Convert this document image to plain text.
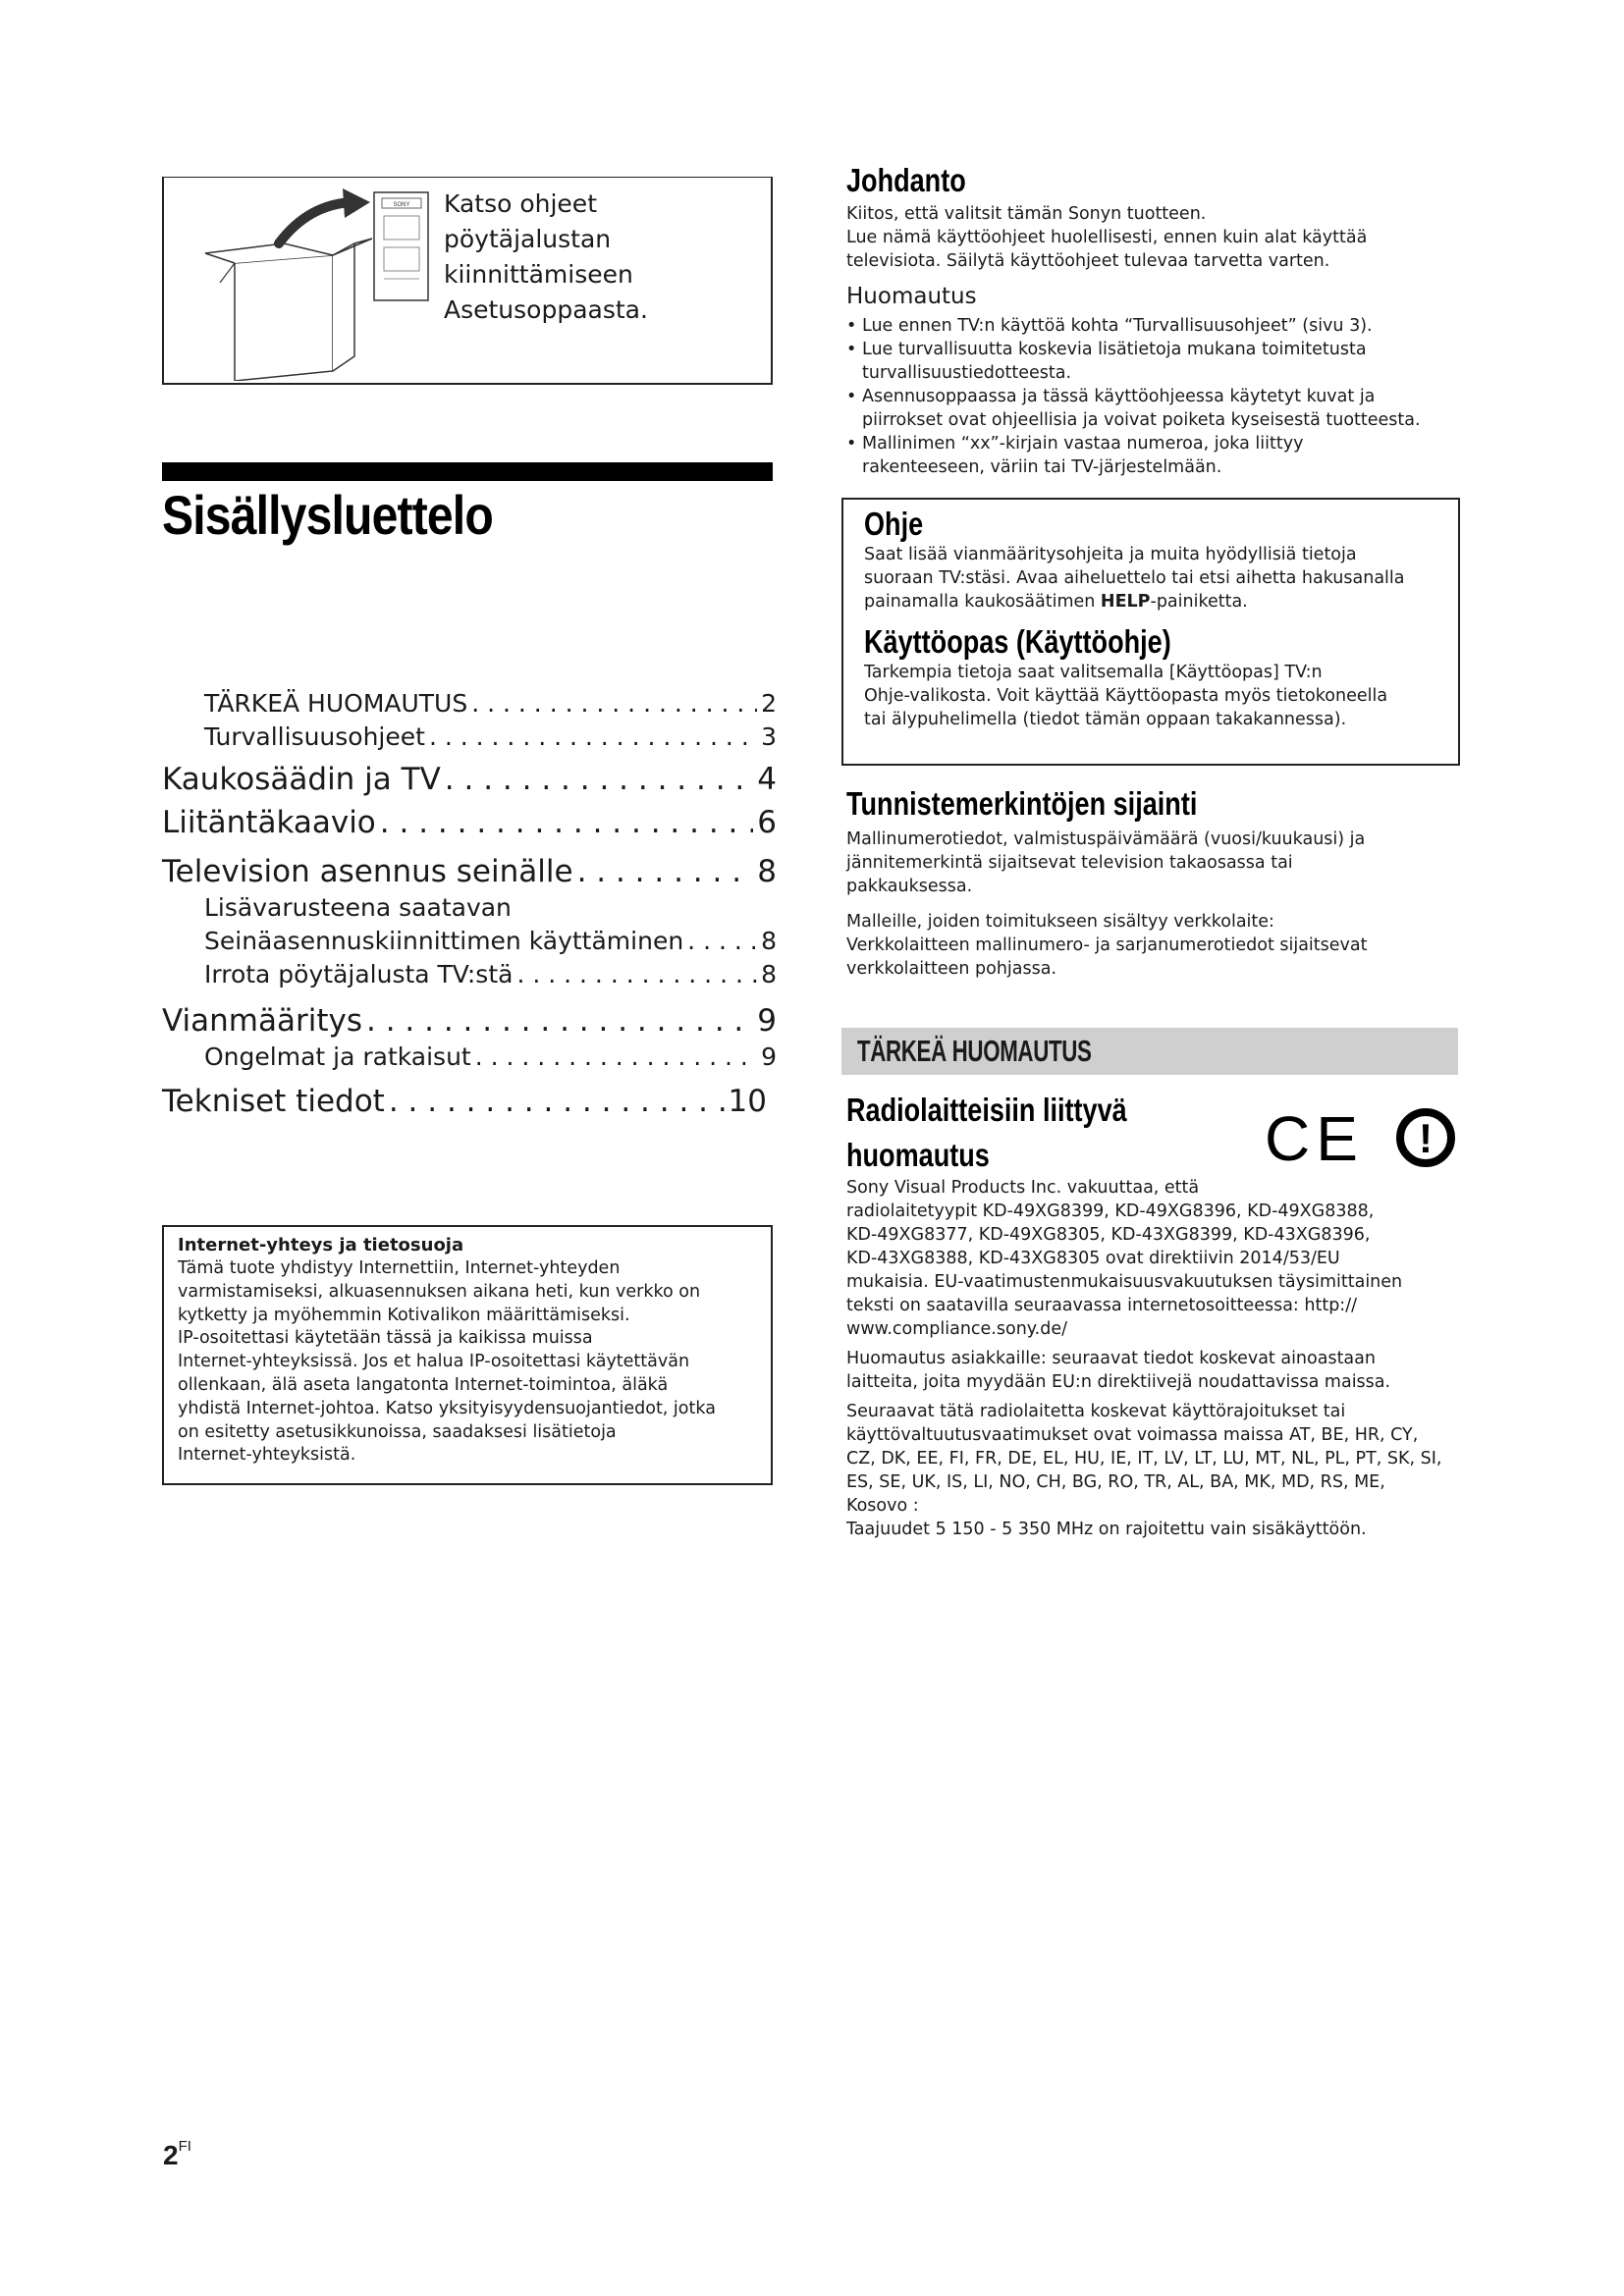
SONY Katso ohjeet pöytäjalustan
kiinnittämiseen
Asetusoppaasta.
Sisällysluettelo
TÄRKEÄ HUOMAUTUS . . .	2
Turvallisuusohjeet . . .	3
Kaukosäädin ja TV . . .	4
Liitäntäkaavio . . .	6
Television asennus seinälle . . .	8
Lisävarusteena saatavan
Seinäasennuskiinnittimen käyttäminen . . .	8
Irrota pöytäjalusta TV:stä . . .	8
Vianmääritys . . .	9
Ongelmat ja ratkaisut . . .	9
Tekniset tiedot . . .	10
Internet-yhteys ja tietosuoja
Tämä tuote yhdistyy Internettiin, Internet-yhteyden
varmistamiseksi, alkuasennuksen aikana heti, kun verkko on
kytketty ja myöhemmin Kotivalikon määrittämiseksi.
IP-osoitettasi käytetään tässä ja kaikissa muissa
Internet-yhteyksissä. Jos et halua IP-osoitettasi käytettävän
ollenkaan, älä aseta langatonta Internet-toimintoa, äläkä
yhdistä Internet-johtoa. Katso yksityisyydensuojantiedot, jotka
on esitetty asetusikkunoissa, saadaksesi lisätietoja
Internet-yhteyksistä.
$2^{FI}$
Johdanto
Kiitos, että valitsit tämän Sonyn tuotteen.
Lue nämä käyttöohjeet huolellisesti, ennen kuin alat käyttää
televisiota. Säilytä käyttöohjeet tulevaa tarvetta varten.
Huomautus
• Lue ennen TV:n käyttöä kohta “Turvallisuusohjeet” (sivu 3).
• Lue turvallisuutta koskevia lisätietoja mukana toimitetusta
turvallisuustiedotteesta.
• Asennusoppaassa ja tässä käyttöohjeessa käytetyt kuvat ja
piirrokset ovat ohjeellisia ja voivat poiketa kyseisestä tuotteesta.
• Mallinimen “xx”-kirjain vastaa numeroa, joka liittyy
rakenteeseen, väriin tai TV-järjestelmään.
Ohje
Saat lisää vianmääritysohjeita ja muita hyödyllisiä tietoja
suoraan TV:stäsi. Avaa aiheluettelo tai etsi aihetta hakusanalla
painamalla kaukosäätimen HELP-painiketta.
Käyttöopas (Käyttöohje)
Tarkempia tietoja saat valitsemalla [Käyttöopas] TV:n
Ohje-valikosta. Voit käyttää Käyttöopasta myös tietokoneella
tai älypuhelimella (tiedot tämän oppaan takakannessa).
Tunnistemerkintöjen sijainti
Mallinumerotiedot, valmistuspäivämäärä (vuosi/kuukausi) ja
jännitemerkintä sijaitsevat television takaosassa tai
pakkauksessa.
Malleille, joiden toimitukseen sisältyy verkkolaite:
Verkkolaitteen mallinumero- ja sarjanumerotiedot sijaitsevat
verkkolaitteen pohjassa.
TÄRKEÄ HUOMAUTUS
Radiolaitteisiin liittyvä
huomautus	CE !

Sony Visual Products Inc. vakuuttaa, että
radiolaitetyypit KD-49XG8399, KD-49XG8396, KD-49XG8388,
KD-49XG8377, KD-49XG8305, KD-43XG8399, KD-43XG8396,
KD-43XG8388, KD-43XG8305 ovat direktiivin 2014/53/EU
mukaisia. EU-vaatimustenmukaisuusvakuutuksen täysimittainen
teksti on saatavilla seuraavassa internetosoitteessa: http://
www.compliance.sony.de/

Huomautus asiakkaille: seuraavat tiedot koskevat ainoastaan
laitteita, joita myydään EU:n direktiivejä noudattavissa maissa.

Seuraavat tätä radiolaitetta koskevat käyttörajoitukset tai
käyttövaltuutusvaatimukset ovat voimassa maissa AT, BE, HR, CY,
CZ, DK, EE, FI, FR, DE, EL, HU, IE, IT, LV, LT, LU, MT, NL, PL, PT, SK, SI,
ES, SE, UK, IS, LI, NO, CH, BG, RO, TR, AL, BA, MK, MD, RS, ME,
Kosovo :
Taajuudet 5 150 - 5 350 MHz on rajoitettu vain sisäkäyttöön.
